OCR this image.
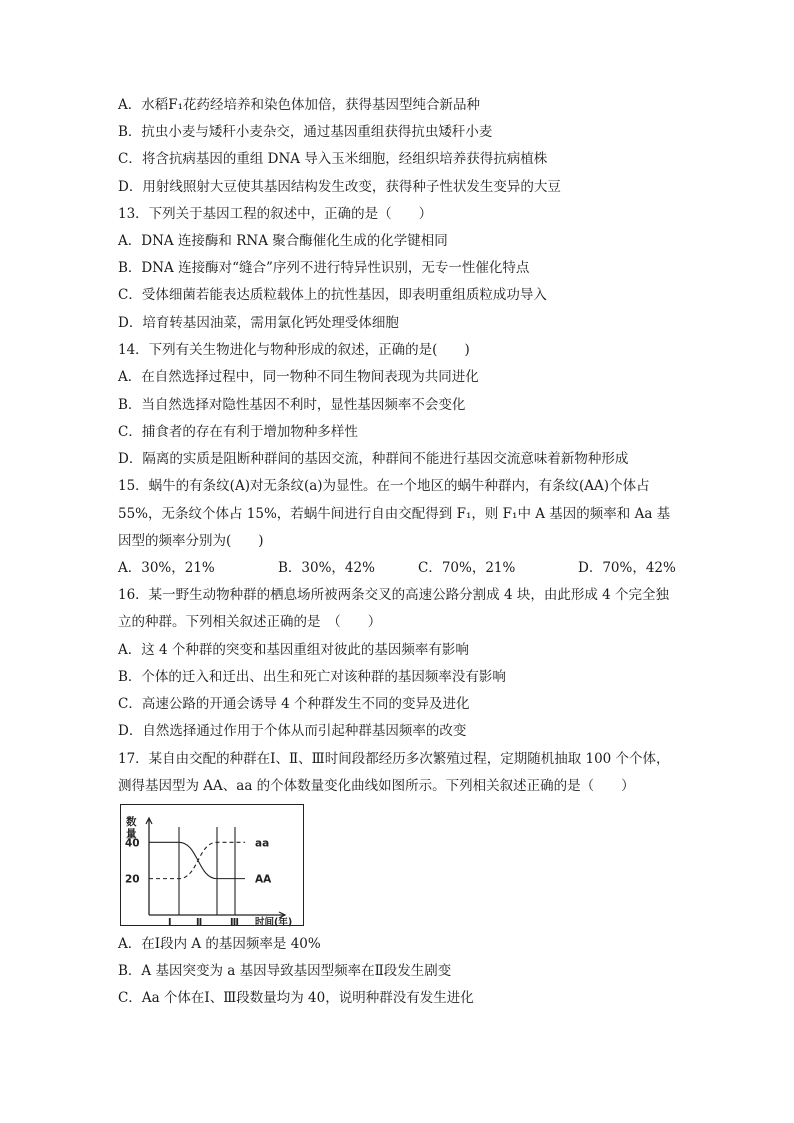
A．水稻F₁花药经培养和染色体加倍，获得基因型纯合新品种
B．抗虫小麦与矮秆小麦杂交，通过基因重组获得抗虫矮秆小麦
C．将含抗病基因的重组 DNA 导入玉米细胞，经组织培养获得抗病植株
D．用射线照射大豆使其基因结构发生改变，获得种子性状发生变异的大豆
13．下列关于基因工程的叙述中，正确的是（　　）
A．DNA 连接酶和 RNA 聚合酶催化生成的化学键相同
B．DNA 连接酶对“缝合”序列不进行特异性识别，无专一性催化特点
C．受体细菌若能表达质粒载体上的抗性基因，即表明重组质粒成功导入
D．培育转基因油菜，需用氯化钙处理受体细胞
14．下列有关生物进化与物种形成的叙述，正确的是(　　)
A．在自然选择过程中，同一物种不同生物间表现为共同进化
B．当自然选择对隐性基因不利时，显性基因频率不会变化
C．捕食者的存在有利于增加物种多样性
D．隔离的实质是阻断种群间的基因交流，种群间不能进行基因交流意味着新物种形成
15．蜗牛的有条纹(A)对无条纹(a)为显性。在一个地区的蜗牛种群内，有条纹(AA)个体占
55%，无条纹个体占 15%，若蜗牛间进行自由交配得到 F₁，则 F₁中 A 基因的频率和 Aa 基
因型的频率分别为(　　)
A．30%，21%	B．30%，42%	C．70%，21%	D．70%，42%
16．某一野生动物种群的栖息场所被两条交叉的高速公路分割成 4 块，由此形成 4 个完全独
立的种群。下列相关叙述正确的是　（　　）
A．这 4 个种群的突变和基因重组对彼此的基因频率有影响
B．个体的迁入和迁出、出生和死亡对该种群的基因频率没有影响
C．高速公路的开通会诱导 4 个种群发生不同的变异及进化
D．自然选择通过作用于个体从而引起种群基因频率的改变
17．某自由交配的种群在Ⅰ、Ⅱ、Ⅲ时间段都经历多次繁殖过程，定期随机抽取 100 个个体，
测得基因型为 AA、aa 的个体数量变化曲线如图所示。下列相关叙述正确的是（　　）
40
20
数
量
Ⅰ	Ⅱ	Ⅲ 时间(年)
aa
AA
A．在Ⅰ段内 A 的基因频率是 40%
B．A 基因突变为 a 基因导致基因型频率在Ⅱ段发生剧变
C．Aa 个体在Ⅰ、Ⅲ段数量均为 40，说明种群没有发生进化
